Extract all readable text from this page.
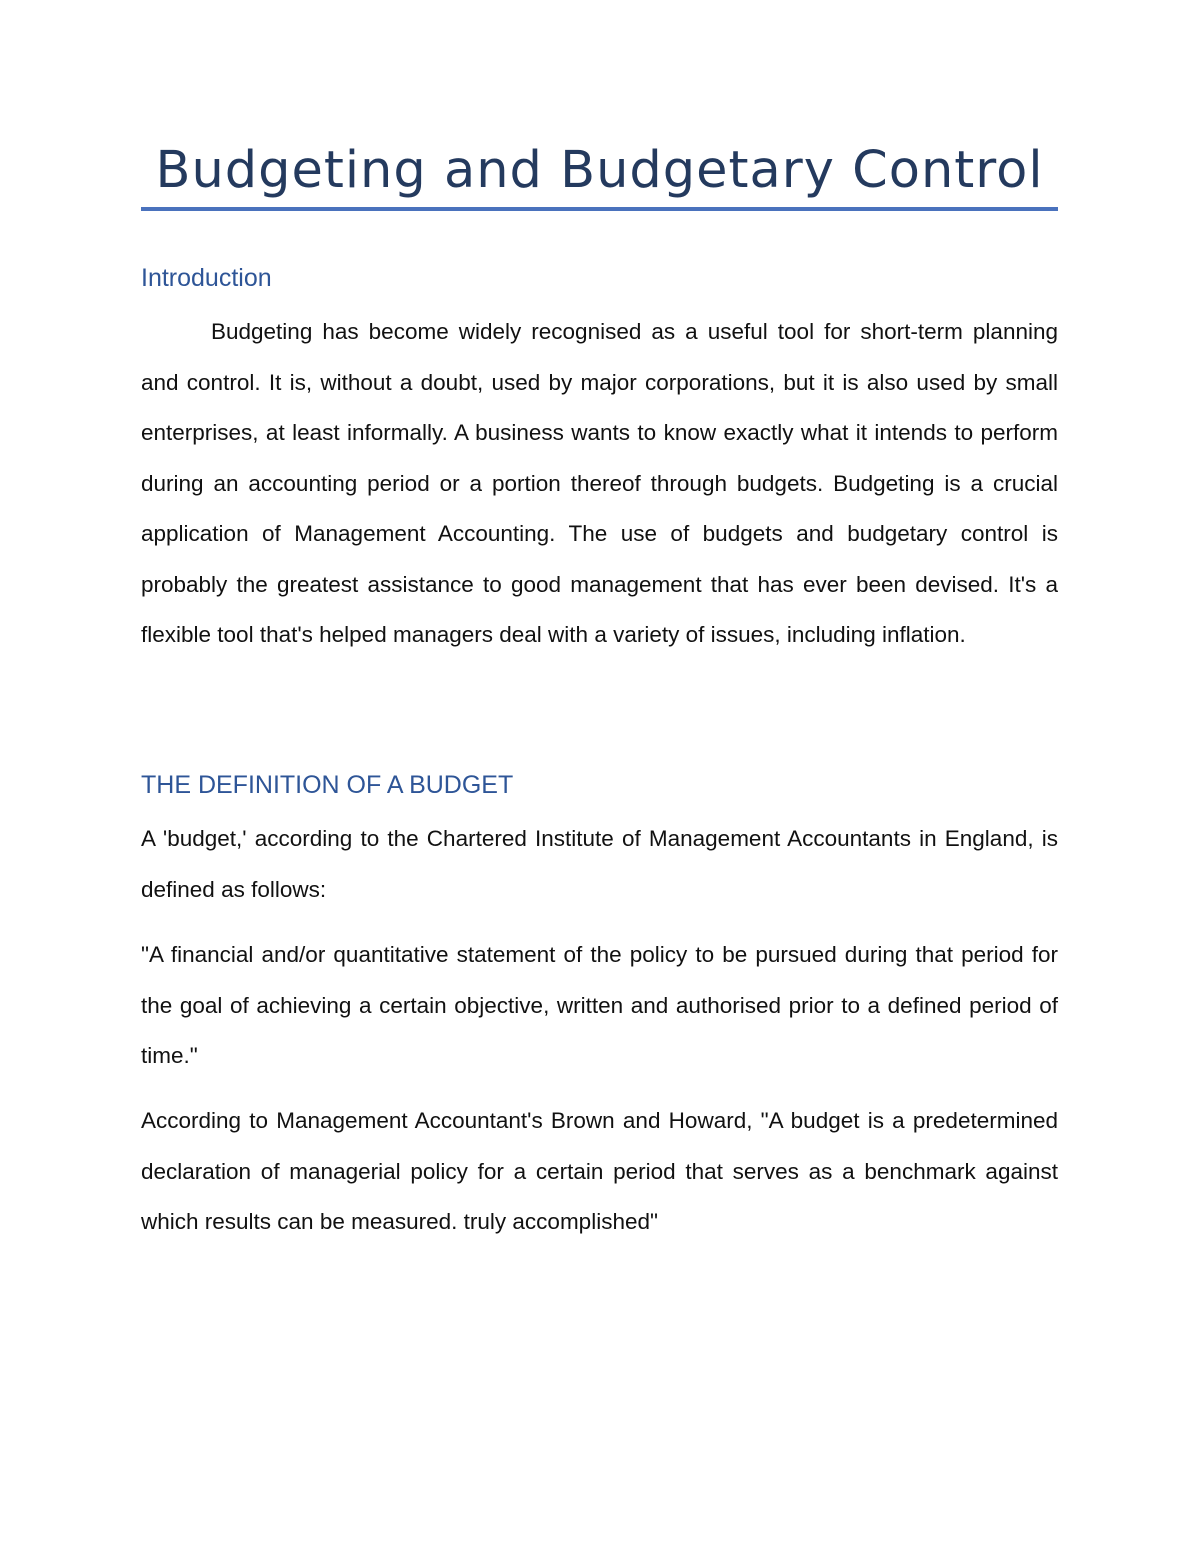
Budgeting and Budgetary Control
Introduction

Budgeting has become widely recognised as a useful tool for short-term planning and control. It is, without a doubt, used by major corporations, but it is also used by small enterprises, at least informally. A business wants to know exactly what it intends to perform during an accounting period or a portion thereof through budgets. Budgeting is a crucial application of Management Accounting. The use of budgets and budgetary control is probably the greatest assistance to good management that has ever been devised. It's a flexible tool that's helped managers deal with a variety of issues, including inflation.

THE DEFINITION OF A BUDGET

A 'budget,' according to the Chartered Institute of Management Accountants in England, is defined as follows:

"A financial and/or quantitative statement of the policy to be pursued during that period for the goal of achieving a certain objective, written and authorised prior to a defined period of time."

According to Management Accountant's Brown and Howard, "A budget is a predetermined declaration of managerial policy for a certain period that serves as a benchmark against which results can be measured. truly accomplished"
